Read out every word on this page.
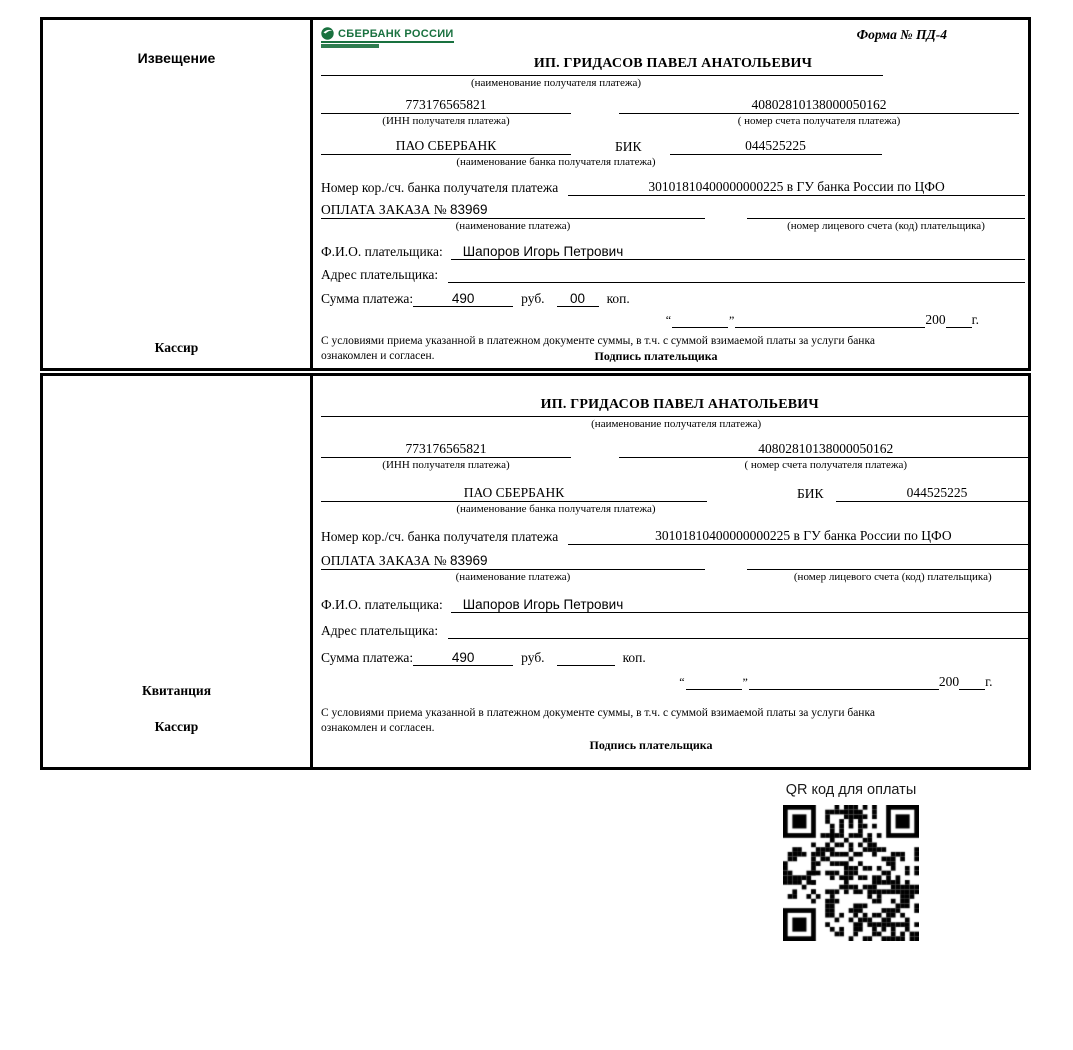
Извещение
Кассир
СБЕРБАНК РОССИИ	Форма № ПД-4
ИП. ГРИДАСОВ ПАВЕЛ АНАТОЛЬЕВИЧ
(наименование получателя платежа)
773176565821	40802810138000050162
(ИНН получателя платежа)	( номер счета получателя платежа)
ПАО СБЕРБАНК	БИК	044525225
(наименование банка получателя платежа)
Номер кор./сч. банка получателя платежа	30101810400000000225 в ГУ банка России по ЦФО
ОПЛАТА ЗАКАЗА № 83969
(наименование платежа)	(номер лицевого счета (код) плательщика)
Ф.И.О. плательщика:	Шапоров Игорь Петрович
Адрес плательщика:
Сумма платежа:	490	руб.	00	коп.
“	”	200 г.
С условиями приема указанной в платежном документе суммы, в т.ч. с суммой взимаемой платы за услуги банка
ознакомлен и согласен.	Подпись плательщика
Квитанция
Кассир
ИП. ГРИДАСОВ ПАВЕЛ АНАТОЛЬЕВИЧ
(наименование получателя платежа)
773176565821	40802810138000050162
(ИНН получателя платежа)	( номер счета получателя платежа)
ПАО СБЕРБАНК	БИК	044525225
(наименование банка получателя платежа)
Номер кор./сч. банка получателя платежа	30101810400000000225 в ГУ банка России по ЦФО
ОПЛАТА ЗАКАЗА № 83969
(наименование платежа)	(номер лицевого счета (код) плательщика)
Ф.И.О. плательщика:	Шапоров Игорь Петрович
Адрес плательщика:
Сумма платежа:	490	руб.	коп.
“	”	200 г.
С условиями приема указанной в платежном документе суммы, в т.ч. с суммой взимаемой платы за услуги банка
ознакомлен и согласен.
Подпись плательщика
QR код для оплаты
